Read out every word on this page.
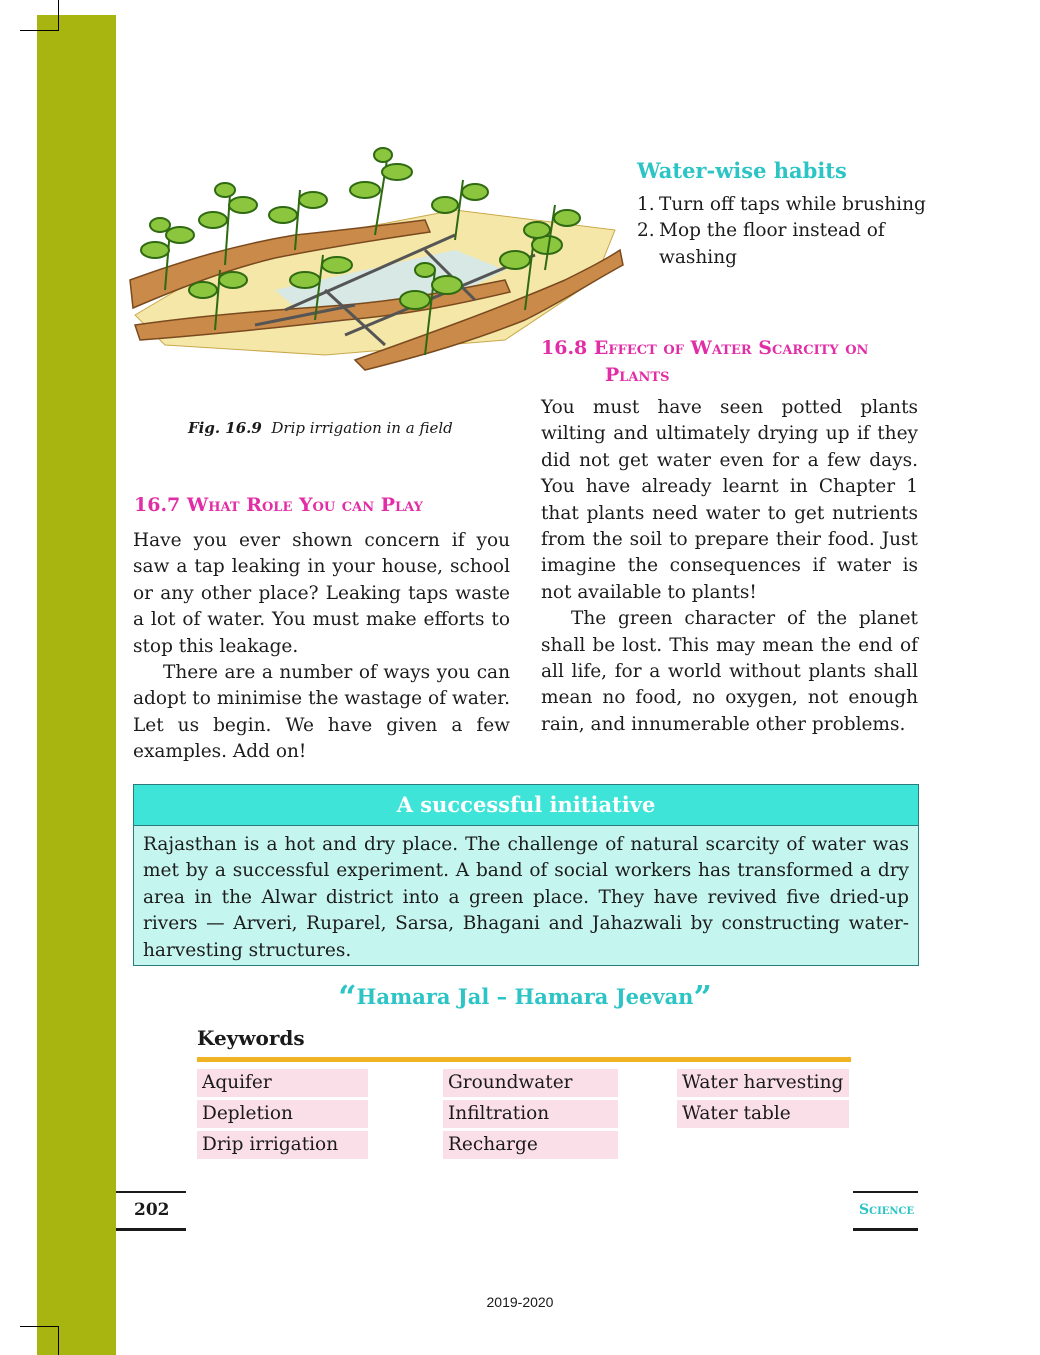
Fig. 16.9 Drip irrigation in a field
Water-wise habits
1. Turn off taps while brushing
2. Mop the floor instead of washing
16.8 Effect of Water Scarcity on
Plants
16.7 What Role You can Play

Have you ever shown concern if you saw a tap leaking in your house, school or any other place? Leaking taps waste a lot of water. You must make efforts to stop this leakage.

There are a number of ways you can adopt to minimise the wastage of water. Let us begin. We have given a few examples. Add on!

You must have seen potted plants wilting and ultimately drying up if they did not get water even for a few days. You have already learnt in Chapter 1 that plants need water to get nutrients from the soil to prepare their food. Just imagine the consequences if water is not available to plants!

The green character of the planet shall be lost. This may mean the end of all life, for a world without plants shall mean no food, no oxygen, not enough rain, and innumerable other problems.

A successful initiative
Rajasthan is a hot and dry place. The challenge of natural scarcity of water was met by a successful experiment. A band of social workers has transformed a dry area in the Alwar district into a green place. They have revived five dried-up rivers — Arveri, Ruparel, Sarsa, Bhagani and Jahazwali by constructing water-harvesting structures.
“Hamara Jal – Hamara Jeevan”
Keywords
Aquifer
Depletion
Drip irrigation
Groundwater
Infiltration
Recharge
Water harvesting
Water table
202	Science
2019-2020
